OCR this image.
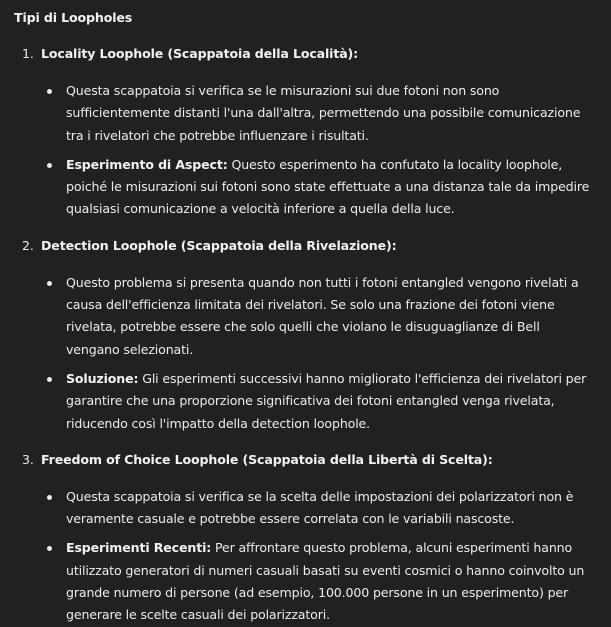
Tipi di Loopholes

1. Locality Loophole (Scappatoia della Località):
Questa scappatoia si verifica se le misurazioni sui due fotoni non sono sufficientemente distanti l'una dall'altra, permettendo una possibile comunicazione tra i rivelatori che potrebbe influenzare i risultati.
Esperimento di Aspect: Questo esperimento ha confutato la locality loophole, poiché le misurazioni sui fotoni sono state effettuate a una distanza tale da impedire qualsiasi comunicazione a velocità inferiore a quella della luce.
2. Detection Loophole (Scappatoia della Rivelazione):
Questo problema si presenta quando non tutti i fotoni entangled vengono rivelati a causa dell'efficienza limitata dei rivelatori. Se solo una frazione dei fotoni viene rivelata, potrebbe essere che solo quelli che violano le disuguaglianze di Bell vengano selezionati.
Soluzione: Gli esperimenti successivi hanno migliorato l'efficienza dei rivelatori per garantire che una proporzione significativa dei fotoni entangled venga rivelata, riducendo così l'impatto della detection loophole.
3. Freedom of Choice Loophole (Scappatoia della Libertà di Scelta):
Questa scappatoia si verifica se la scelta delle impostazioni dei polarizzatori non è veramente casuale e potrebbe essere correlata con le variabili nascoste.
Esperimenti Recenti: Per affrontare questo problema, alcuni esperimenti hanno utilizzato generatori di numeri casuali basati su eventi cosmici o hanno coinvolto un grande numero di persone (ad esempio, 100.000 persone in un esperimento) per generare le scelte casuali dei polarizzatori.
